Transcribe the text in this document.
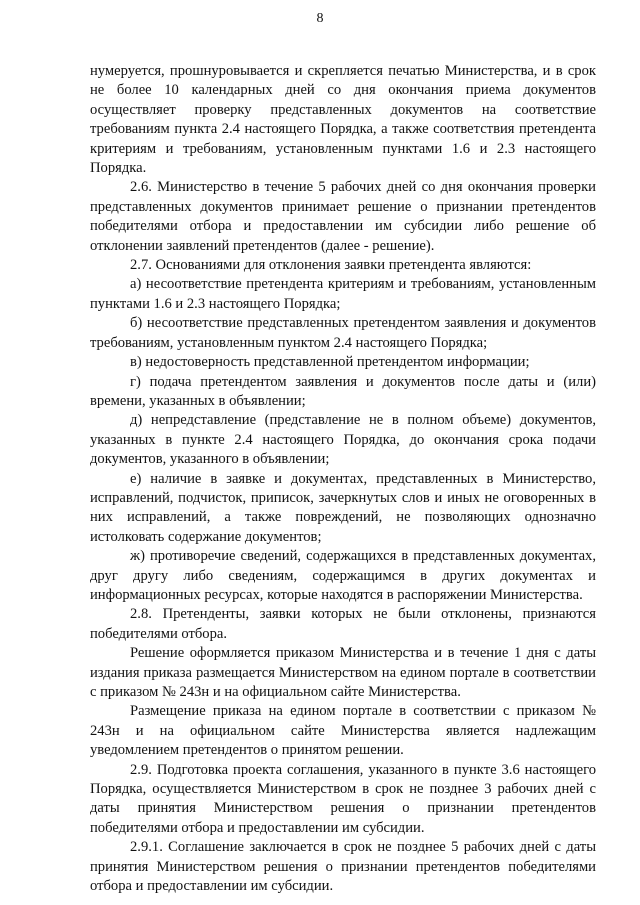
8

нумеруется, прошнуровывается и скрепляется печатью Министерства, и в срок не более 10 календарных дней со дня окончания приема документов осуществляет проверку представленных документов на соответствие требованиям пункта 2.4 настоящего Порядка, а также соответствия претендента критериям и требованиям, установленным пунктами 1.6 и 2.3 настоящего Порядка.

2.6. Министерство в течение 5 рабочих дней со дня окончания проверки представленных документов принимает решение о признании претендентов победителями отбора и предоставлении им субсидии либо решение об отклонении заявлений претендентов (далее - решение).

2.7. Основаниями для отклонения заявки претендента являются:

а) несоответствие претендента критериям и требованиям, установленным пунктами 1.6 и 2.3 настоящего Порядка;

б) несоответствие представленных претендентом заявления и документов требованиям, установленным пунктом 2.4 настоящего Порядка;

в) недостоверность представленной претендентом информации;

г) подача претендентом заявления и документов после даты и (или) времени, указанных в объявлении;

д) непредставление (представление не в полном объеме) документов, указанных в пункте 2.4 настоящего Порядка, до окончания срока подачи документов, указанного в объявлении;

е) наличие в заявке и документах, представленных в Министерство, исправлений, подчисток, приписок, зачеркнутых слов и иных не оговоренных в них исправлений, а также повреждений, не позволяющих однозначно истолковать содержание документов;

ж) противоречие сведений, содержащихся в представленных документах, друг другу либо сведениям, содержащимся в других документах и информационных ресурсах, которые находятся в распоряжении Министерства.

2.8. Претенденты, заявки которых не были отклонены, признаются победителями отбора.

Решение оформляется приказом Министерства и в течение 1 дня с даты издания приказа размещается Министерством на едином портале в соответствии с приказом № 243н и на официальном сайте Министерства.

Размещение приказа на едином портале в соответствии с приказом № 243н и на официальном сайте Министерства является надлежащим уведомлением претендентов о принятом решении.

2.9. Подготовка проекта соглашения, указанного в пункте 3.6 настоящего Порядка, осуществляется Министерством в срок не позднее 3 рабочих дней с даты принятия Министерством решения о признании претендентов победителями отбора и предоставлении им субсидии.

2.9.1. Соглашение заключается в срок не позднее 5 рабочих дней с даты принятия Министерством решения о признании претендентов победителями отбора и предоставлении им субсидии.
